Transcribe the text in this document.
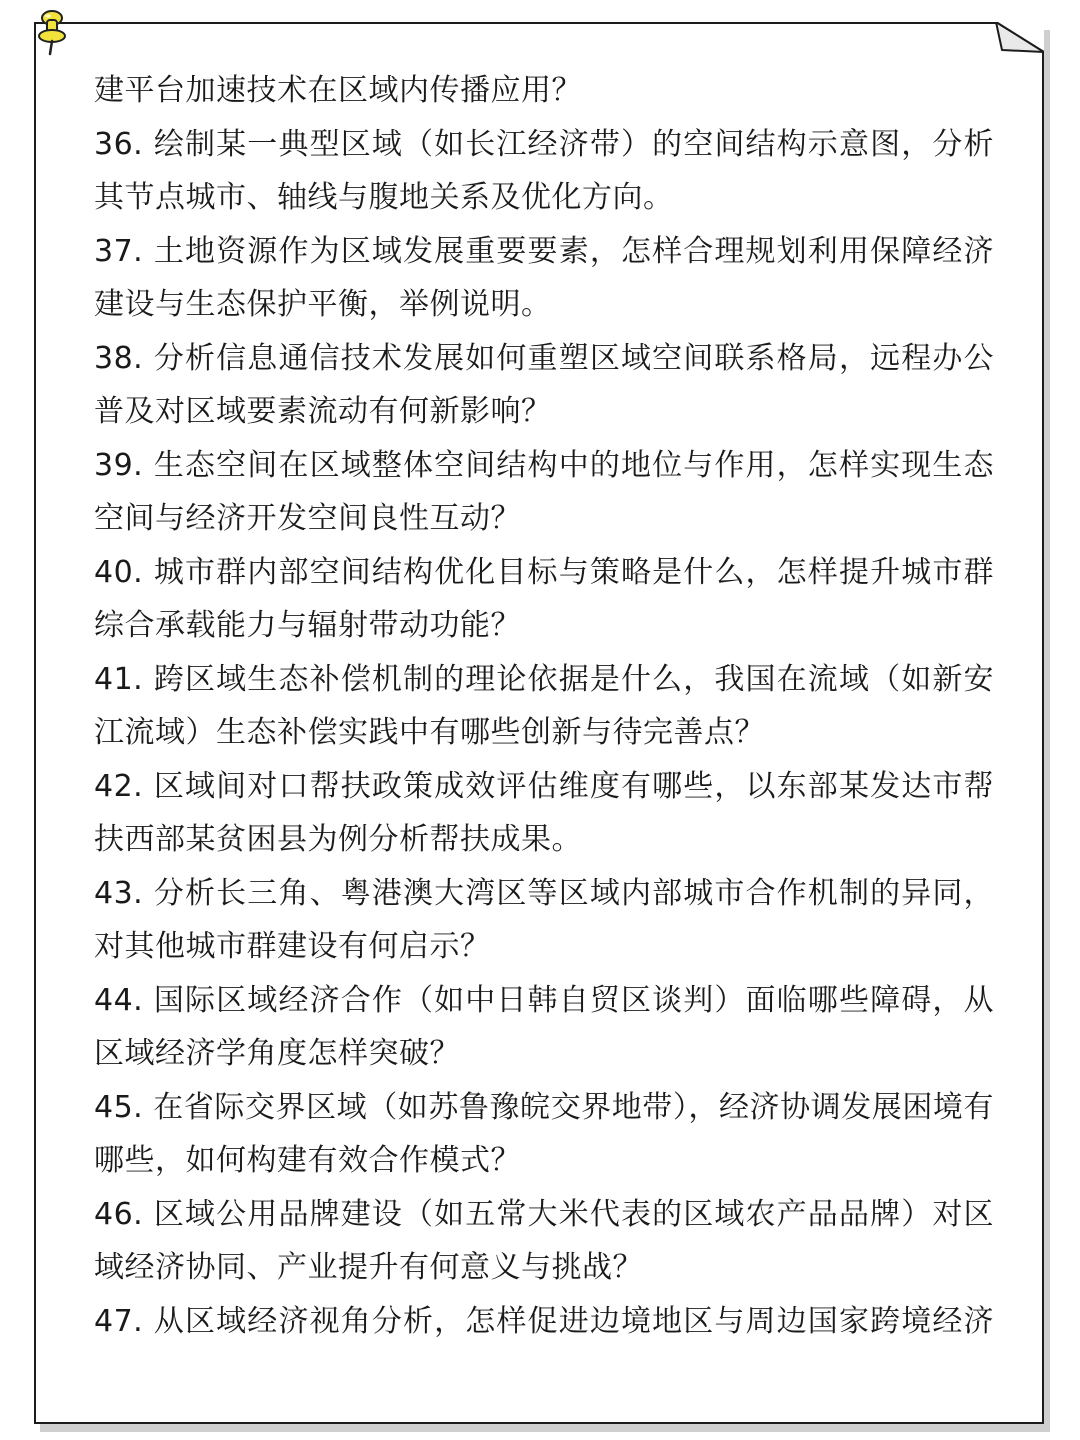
建平台加速技术在区域内传播应用？

36. 绘制某一典型区域（如长江经济带）的空间结构示意图，分析

其节点城市、轴线与腹地关系及优化方向。

37. 土地资源作为区域发展重要要素，怎样合理规划利用保障经济

建设与生态保护平衡，举例说明。

38. 分析信息通信技术发展如何重塑区域空间联系格局，远程办公

普及对区域要素流动有何新影响？

39. 生态空间在区域整体空间结构中的地位与作用，怎样实现生态

空间与经济开发空间良性互动？

40. 城市群内部空间结构优化目标与策略是什么，怎样提升城市群

综合承载能力与辐射带动功能？

41. 跨区域生态补偿机制的理论依据是什么，我国在流域（如新安

江流域）生态补偿实践中有哪些创新与待完善点？

42. 区域间对口帮扶政策成效评估维度有哪些，以东部某发达市帮

扶西部某贫困县为例分析帮扶成果。

43. 分析长三角、粤港澳大湾区等区域内部城市合作机制的异同，

对其他城市群建设有何启示？

44. 国际区域经济合作（如中日韩自贸区谈判）面临哪些障碍，从

区域经济学角度怎样突破？

45. 在省际交界区域（如苏鲁豫皖交界地带），经济协调发展困境有

哪些，如何构建有效合作模式？

46. 区域公用品牌建设（如五常大米代表的区域农产品品牌）对区

域经济协同、产业提升有何意义与挑战？

47. 从区域经济视角分析，怎样促进边境地区与周边国家跨境经济
